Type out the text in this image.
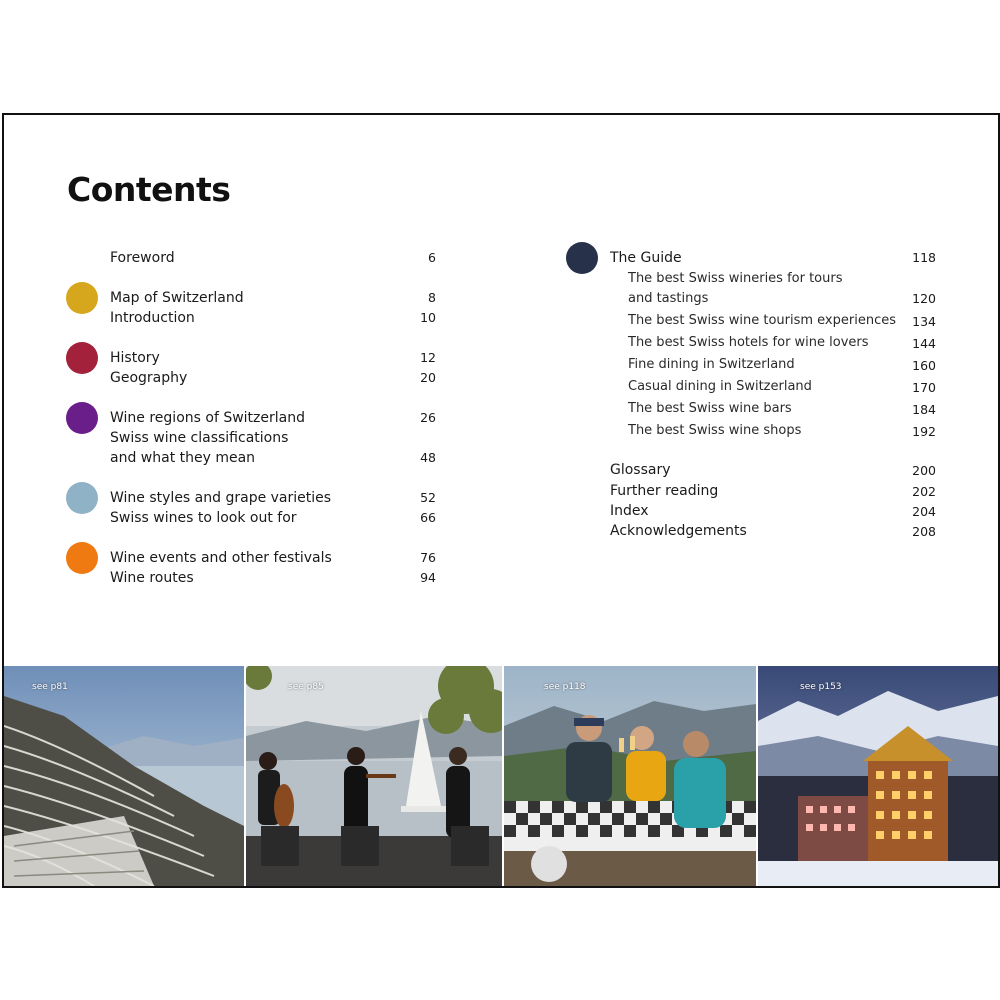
Contents
Foreword	6
Map of Switzerland	8
Introduction	10
History	12
Geography	20
Wine regions of Switzerland	26
Swiss wine classifications
and what they mean	48
Wine styles and grape varieties	52
Swiss wines to look out for	66
Wine events and other festivals	76
Wine routes	94
The Guide	118
The best Swiss wineries for tours
and tastings	120
The best Swiss wine tourism experiences	134
The best Swiss hotels for wine lovers	144
Fine dining in Switzerland	160
Casual dining in Switzerland	170
The best Swiss wine bars	184
The best Swiss wine shops	192
Glossary	200
Further reading	202
Index	204
Acknowledgements	208
see p81	see p85	see p118	see p153
